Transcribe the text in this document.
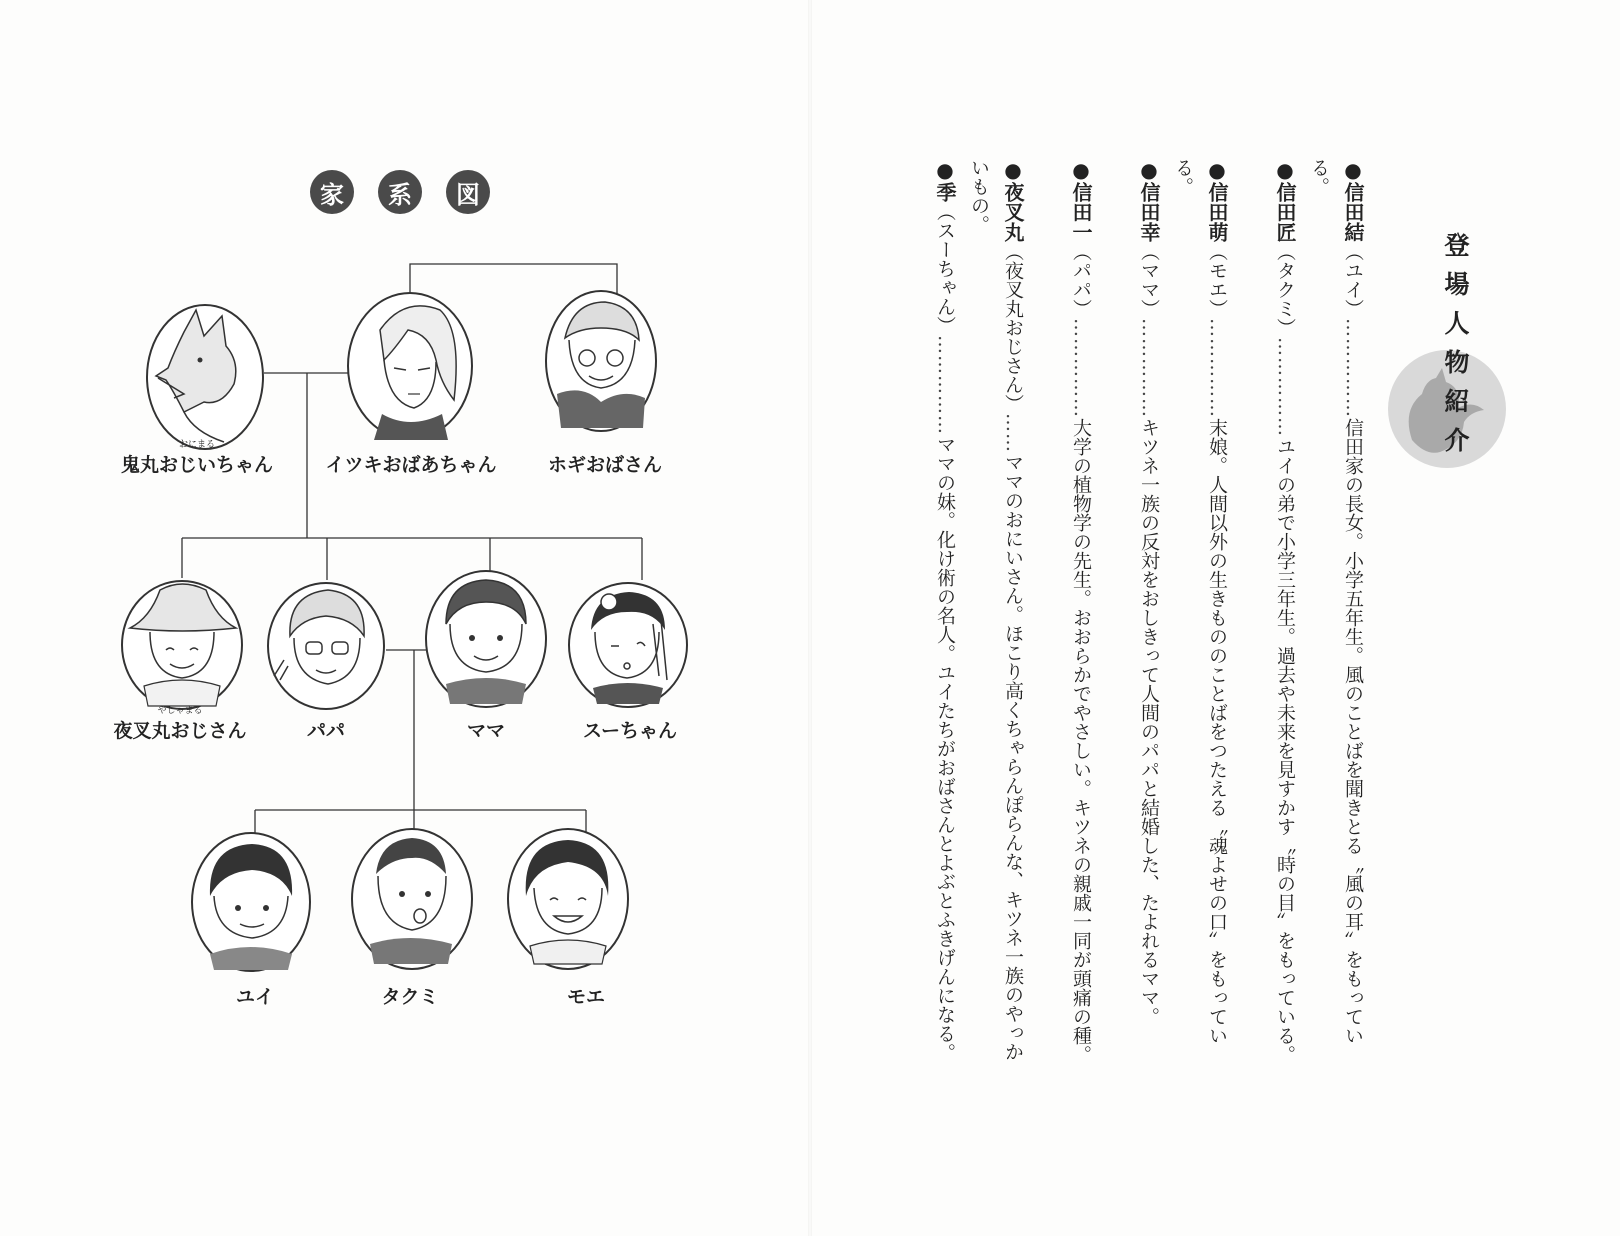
家	系	図
おにまる
鬼丸おじいちゃん	イツキおばあちゃん	ホギおばさん
やしゃまる
夜叉丸おじさん	パパ	ママ	スーちゃん
ユイ	タクミ	モエ
登場人物紹介
●信田結（ユイ）……………信田家の長女。小学五年生。風のことばを聞きとる〝風の耳〟をもっている。
●信田匠（タクミ）……………ユイの弟で小学三年生。過去や未来を見すかす〝時の目〟をもっている。
●信田萌（モエ）……………末娘。人間以外の生きもののことばをつたえる〝魂よせの口〟をもっている。
●信田幸（ママ）……………キツネ一族の反対をおしきって人間のパパと結婚した、たよれるママ。
●信田一（パパ）……………大学の植物学の先生。おおらかでやさしい。キツネの親戚一同が頭痛の種。
●夜叉丸（夜叉丸おじさん）……ママのおにいさん。ほこり高くちゃらんぽらんな、キツネ一族のやっかいもの。
●季（スーちゃん）……………ママの妹。化け術の名人。ユイたちがおばさんとよぶとふきげんになる。
